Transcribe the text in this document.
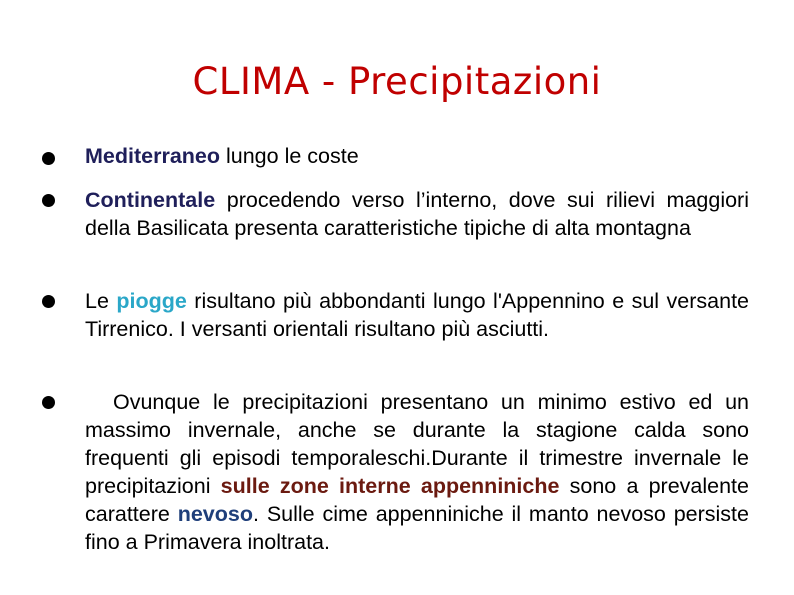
CLIMA - Precipitazioni
Mediterraneo lungo le coste
Continentale procedendo verso l’interno, dove sui rilievi maggiori della Basilicata presenta caratteristiche tipiche di alta montagna
Le piogge risultano più abbondanti lungo l'Appennino e sul versante Tirrenico. I versanti orientali risultano più asciutti.
Ovunque le precipitazioni presentano un minimo estivo ed un massimo invernale, anche se durante la stagione calda sono frequenti gli episodi temporaleschi.Durante il trimestre invernale le precipitazioni sulle zone interne appenniniche sono a prevalente carattere nevoso. Sulle cime appenniniche il manto nevoso persiste fino a Primavera inoltrata.
